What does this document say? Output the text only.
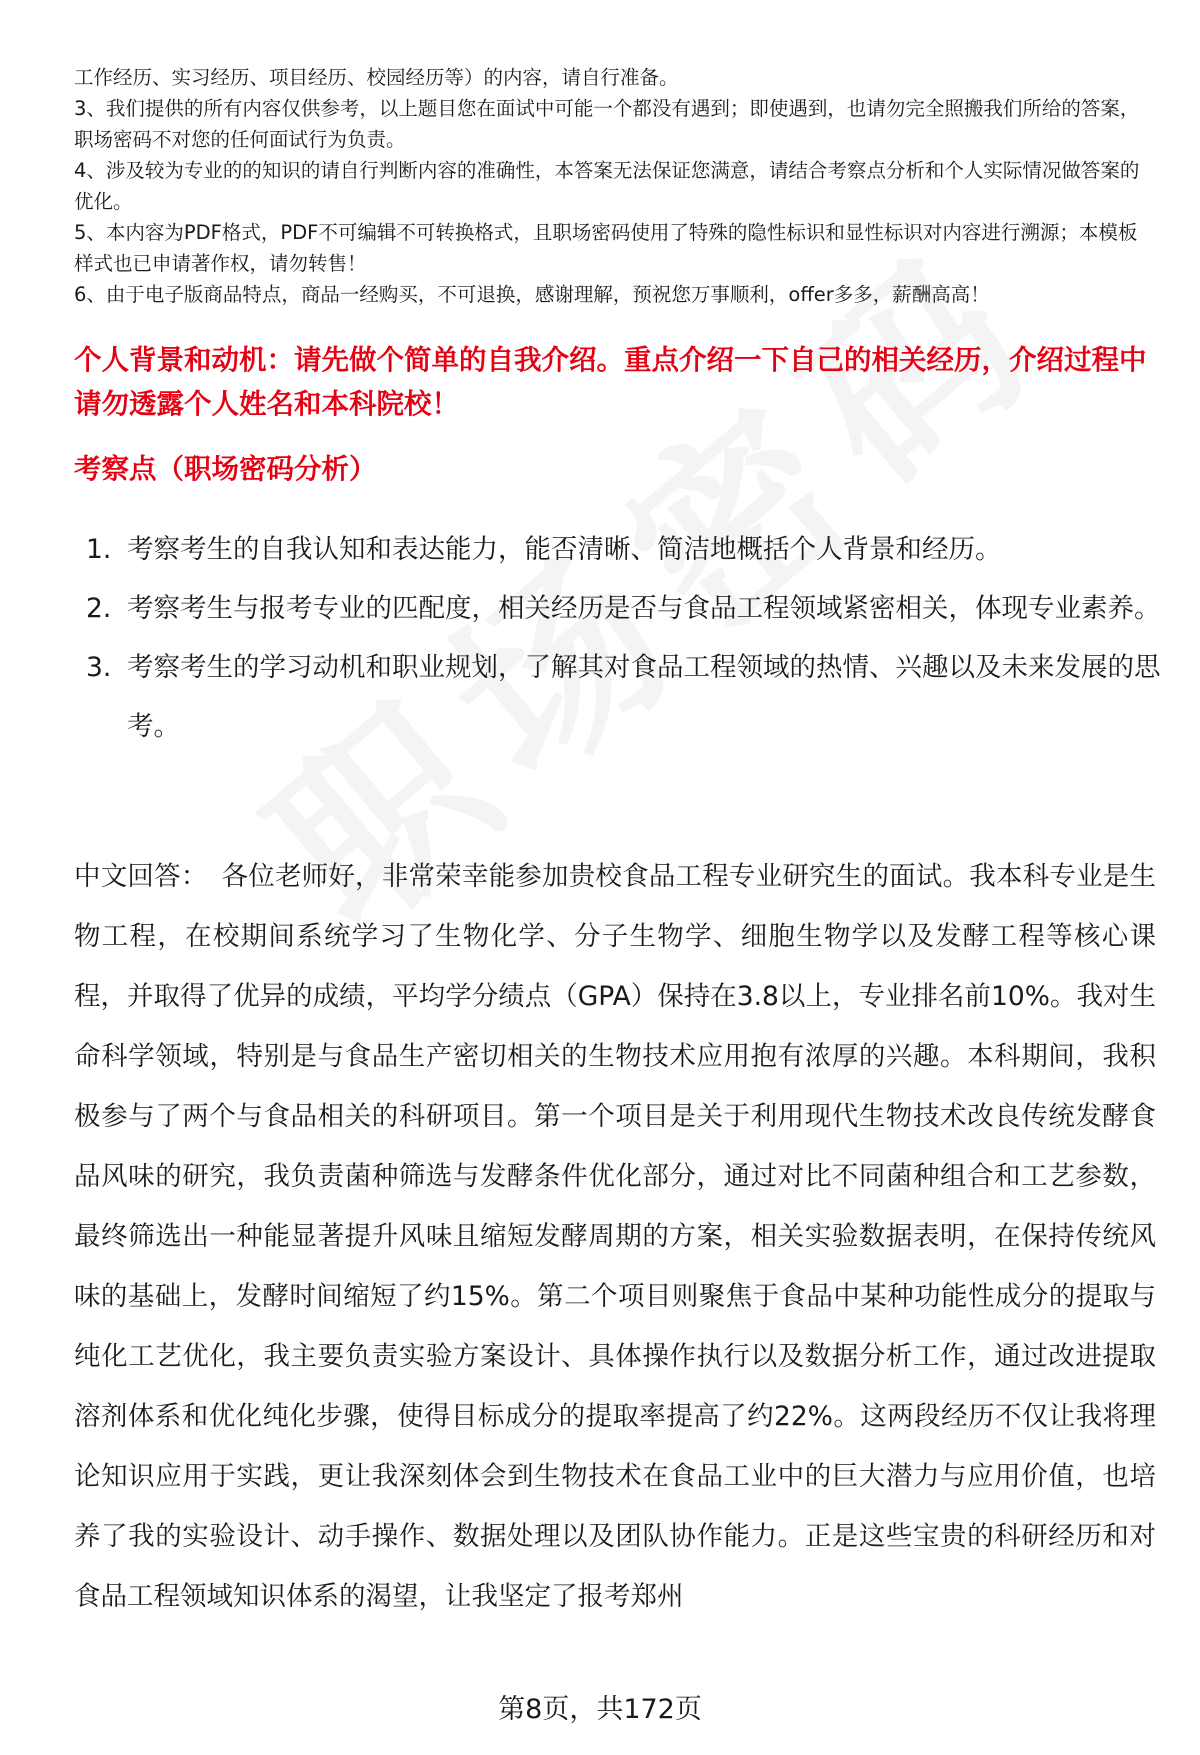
工作经历、实习经历、项目经历、校园经历等）的内容，请自行准备。

3、我们提供的所有内容仅供参考，以上题目您在面试中可能一个都没有遇到；即使遇到，也请勿完全照搬我们所给的答案，职场密码不对您的任何面试行为负责。

4、涉及较为专业的的知识的请自行判断内容的准确性，本答案无法保证您满意，请结合考察点分析和个人实际情况做答案的优化。

5、本内容为PDF格式，PDF不可编辑不可转换格式，且职场密码使用了特殊的隐性标识和显性标识对内容进行溯源；本模板样式也已申请著作权，请勿转售！

6、由于电子版商品特点，商品一经购买，不可退换，感谢理解，预祝您万事顺利，offer多多，薪酬高高！

个人背景和动机：请先做个简单的自我介绍。重点介绍一下自己的相关经历，介绍过程中请勿透露个人姓名和本科院校！

考察点（职场密码分析）

1. 考察考生的自我认知和表达能力，能否清晰、简洁地概括个人背景和经历。
2. 考察考生与报考专业的匹配度，相关经历是否与食品工程领域紧密相关，体现专业素养。
3. 考察考生的学习动机和职业规划，了解其对食品工程领域的热情、兴趣以及未来发展的思考。

中文回答： 各位老师好，非常荣幸能参加贵校食品工程专业研究生的面试。我本科专业是生物工程，在校期间系统学习了生物化学、分子生物学、细胞生物学以及发酵工程等核心课程，并取得了优异的成绩，平均学分绩点（GPA）保持在3.8以上，专业排名前10%。我对生命科学领域，特别是与食品生产密切相关的生物技术应用抱有浓厚的兴趣。本科期间，我积极参与了两个与食品相关的科研项目。第一个项目是关于利用现代生物技术改良传统发酵食品风味的研究，我负责菌种筛选与发酵条件优化部分，通过对比不同菌种组合和工艺参数，最终筛选出一种能显著提升风味且缩短发酵周期的方案，相关实验数据表明，在保持传统风味的基础上，发酵时间缩短了约15%。第二个项目则聚焦于食品中某种功能性成分的提取与纯化工艺优化，我主要负责实验方案设计、具体操作执行以及数据分析工作，通过改进提取溶剂体系和优化纯化步骤，使得目标成分的提取率提高了约22%。这两段经历不仅让我将理论知识应用于实践，更让我深刻体会到生物技术在食品工业中的巨大潜力与应用价值，也培养了我的实验设计、动手操作、数据处理以及团队协作能力。正是这些宝贵的科研经历和对食品工程领域知识体系的渴望，让我坚定了报考郑州

第8页，共172页
